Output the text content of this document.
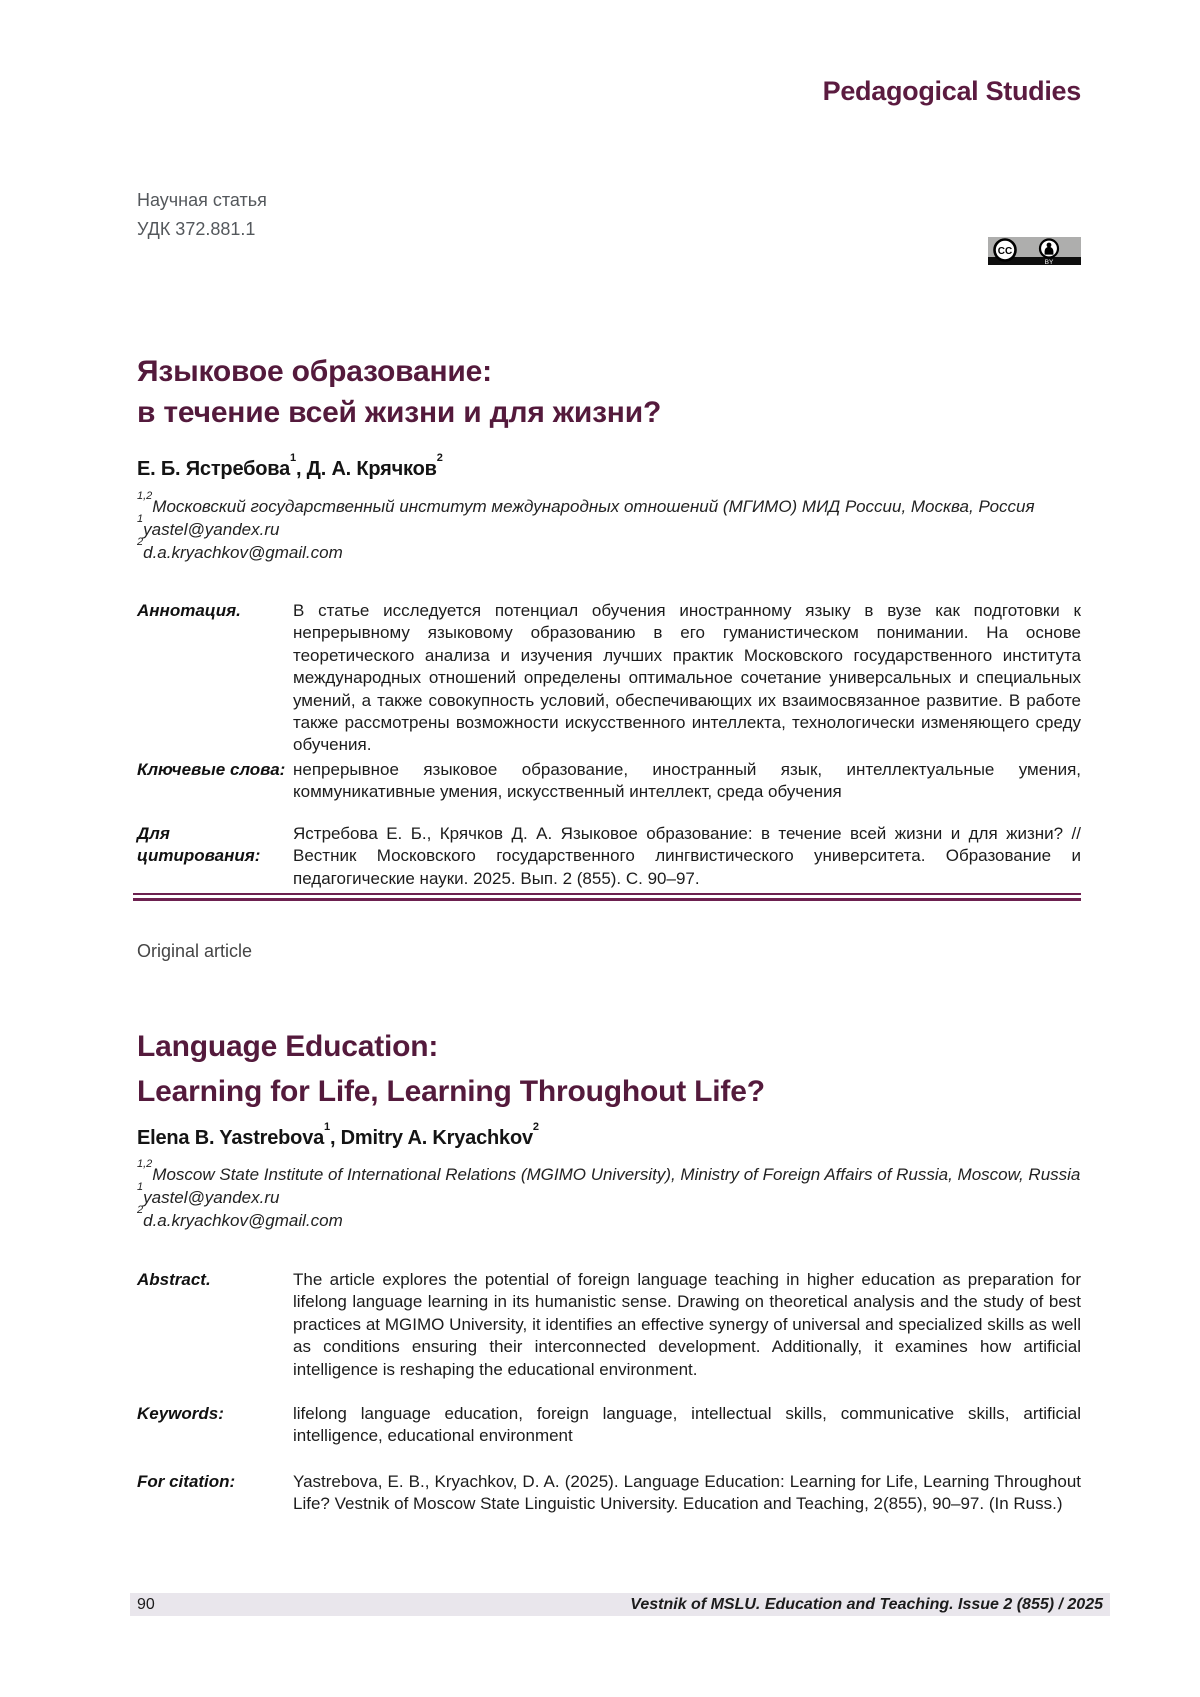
Pedagogical Studies
Научная статья
УДК 372.881.1
CC
BY
Языковое образование:
в течение всей жизни и для жизни?
Е. Б. Ястребова$^1$, Д. А. Крячков$^2$
$^{1,2}$Московский государственный институт международных отношений (МГИМО) МИД России, Москва, Россия
$^1$yastel@yandex.ru
$^2$d.a.kryachkov@gmail.com
Аннотация.	В статье исследуется потенциал обучения иностранному языку в вузе как подготовки к непрерывному языковому образованию в его гуманистическом понимании. На основе теоретического анализа и изучения лучших практик Московского государственного института международных отношений определены оптимальное сочетание универсальных и специальных умений, а также совокупность условий, обеспечивающих их взаимосвязанное развитие. В работе также рассмотрены возможности искусственного интеллекта, технологически изменяющего среду обучения.
Ключевые слова: непрерывное языковое образование, иностранный язык, интеллектуальные умения, коммуникативные умения, искусственный интеллект, среда обучения
Для цитирования:
Ястребова Е. Б., Крячков Д. А. Языковое образование: в течение всей жизни и для жизни? // Вестник Московского государственного лингвистического университета. Образование и педагогические науки. 2025. Вып. 2 (855). С. 90–97.
Original article
Language Education:
Learning for Life, Learning Throughout Life?
Elena B. Yastrebova$^1$, Dmitry A. Kryachkov$^2$
$^{1,2}$Moscow State Institute of International Relations (MGIMO University), Ministry of Foreign Affairs of Russia, Moscow, Russia
$^1$yastel@yandex.ru
$^2$d.a.kryachkov@gmail.com
Abstract.	The article explores the potential of foreign language teaching in higher education as preparation for lifelong language learning in its humanistic sense. Drawing on theoretical analysis and the study of best practices at MGIMO University, it identifies an effective synergy of universal and specialized skills as well as conditions ensuring their interconnected development. Additionally, it examines how artificial intelligence is reshaping the educational environment.
Keywords:	lifelong language education, foreign language, intellectual skills, communicative skills, artificial intelligence, educational environment
For citation:	Yastrebova, E. B., Kryachkov, D. A. (2025). Language Education: Learning for Life, Learning Throughout Life? Vestnik of Moscow State Linguistic University. Education and Teaching, 2(855), 90–97. (In Russ.)
90	Vestnik of MSLU. Education and Teaching. Issue 2 (855) / 2025
